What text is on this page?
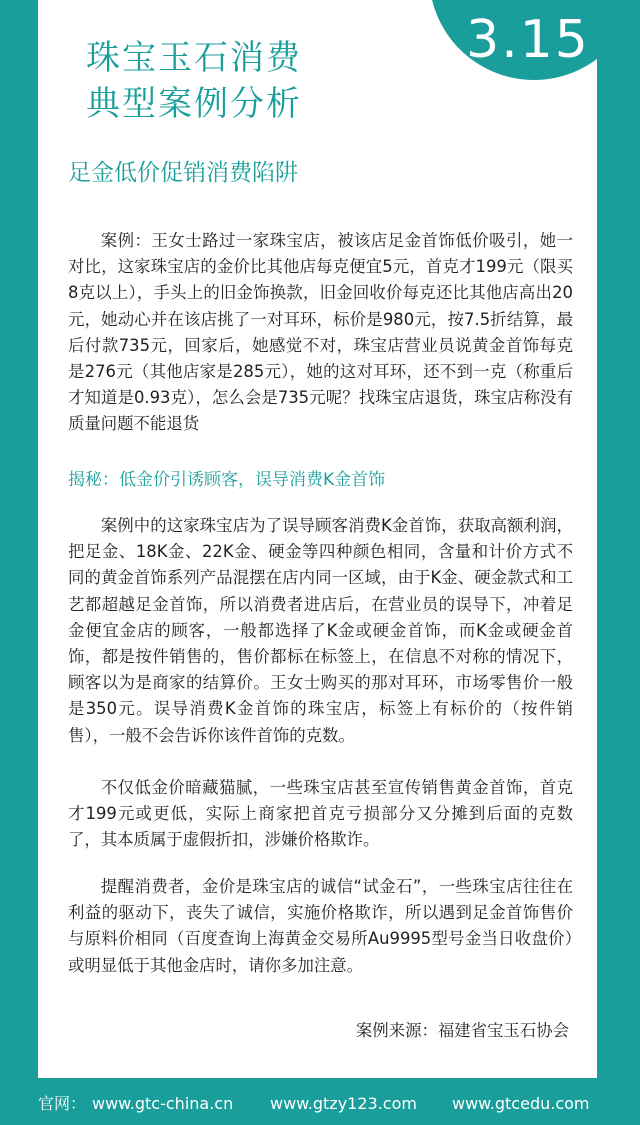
3.15
珠宝玉石消费
典型案例分析
足金低价促销消费陷阱

案例：王女士路过一家珠宝店，被该店足金首饰低价吸引，她一对比，这家珠宝店的金价比其他店每克便宜5元，首克才199元（限买8克以上），手头上的旧金饰换款，旧金回收价每克还比其他店高出20元，她动心并在该店挑了一对耳环，标价是980元，按7.5折结算，最后付款735元，回家后，她感觉不对，珠宝店营业员说黄金首饰每克是276元（其他店家是285元），她的这对耳环，还不到一克（称重后才知道是0.93克），怎么会是735元呢？找珠宝店退货，珠宝店称没有质量问题不能退货

揭秘：低金价引诱顾客，误导消费K金首饰

案例中的这家珠宝店为了误导顾客消费K金首饰，获取高额利润，把足金、18K金、22K金、硬金等四种颜色相同，含量和计价方式不同的黄金首饰系列产品混摆在店内同一区域，由于K金、硬金款式和工艺都超越足金首饰，所以消费者进店后，在营业员的误导下，冲着足金便宜金店的顾客，一般都选择了K金或硬金首饰，而K金或硬金首饰，都是按件销售的，售价都标在标签上，在信息不对称的情况下，顾客以为是商家的结算价。王女士购买的那对耳环，市场零售价一般是350元。误导消费K金首饰的珠宝店，标签上有标价的（按件销售），一般不会告诉你该件首饰的克数。

不仅低金价暗藏猫腻，一些珠宝店甚至宣传销售黄金首饰，首克才199元或更低，实际上商家把首克亏损部分又分摊到后面的克数了，其本质属于虚假折扣，涉嫌价格欺诈。

提醒消费者，金价是珠宝店的诚信“试金石”，一些珠宝店往往在利益的驱动下，丧失了诚信，实施价格欺诈，所以遇到足金首饰售价与原料价相同（百度查询上海黄金交易所Au9995型号金当日收盘价）或明显低于其他金店时，请你多加注意。

案例来源：福建省宝玉石协会

官网： www.gtc-china.cn www.gtzy123.com www.gtcedu.com
